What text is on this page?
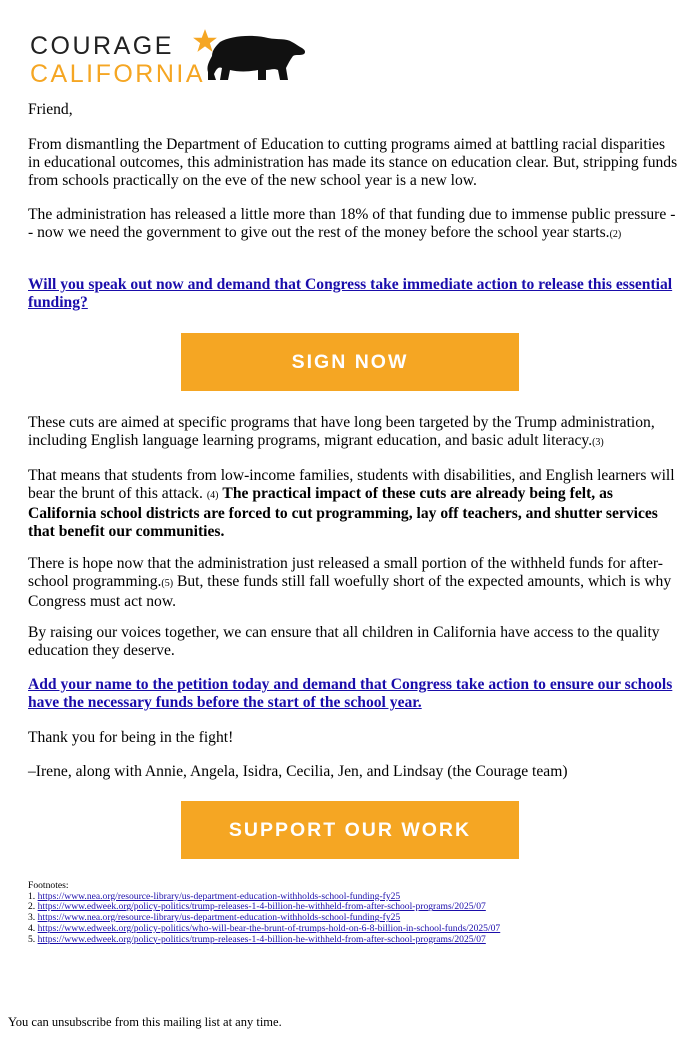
COURAGE
CALIFORNIA

Friend,

From dismantling the Department of Education to cutting programs aimed at battling racial disparities in educational outcomes, this administration has made its stance on education clear. But, stripping funds from schools practically on the eve of the new school year is a new low.

The administration has released a little more than 18% of that funding due to immense public pressure -- now we need the government to give out the rest of the money before the school year starts.(2)

Will you speak out now and demand that Congress take immediate action to release this essential funding?

SIGN NOW

These cuts are aimed at specific programs that have long been targeted by the Trump administration, including English language learning programs, migrant education, and basic adult literacy.(3)

That means that students from low-income families, students with disabilities, and English learners will bear the brunt of this attack. (4) The practical impact of these cuts are already being felt, as California school districts are forced to cut programming, lay off teachers, and shutter services that benefit our communities.

There is hope now that the administration just released a small portion of the withheld funds for after-school programming.(5) But, these funds still fall woefully short of the expected amounts, which is why Congress must act now.

By raising our voices together, we can ensure that all children in California have access to the quality education they deserve.

Add your name to the petition today and demand that Congress take action to ensure our schools have the necessary funds before the start of the school year.

Thank you for being in the fight!

–Irene, along with Annie, Angela, Isidra, Cecilia, Jen, and Lindsay (the Courage team)

SUPPORT OUR WORK
Footnotes:
1. https://www.nea.org/resource-library/us-department-education-withholds-school-funding-fy25
2. https://www.edweek.org/policy-politics/trump-releases-1-4-billion-he-withheld-from-after-school-programs/2025/07
3. https://www.nea.org/resource-library/us-department-education-withholds-school-funding-fy25
4. https://www.edweek.org/policy-politics/who-will-bear-the-brunt-of-trumps-hold-on-6-8-billion-in-school-funds/2025/07
5. https://www.edweek.org/policy-politics/trump-releases-1-4-billion-he-withheld-from-after-school-programs/2025/07
You can unsubscribe from this mailing list at any time.
